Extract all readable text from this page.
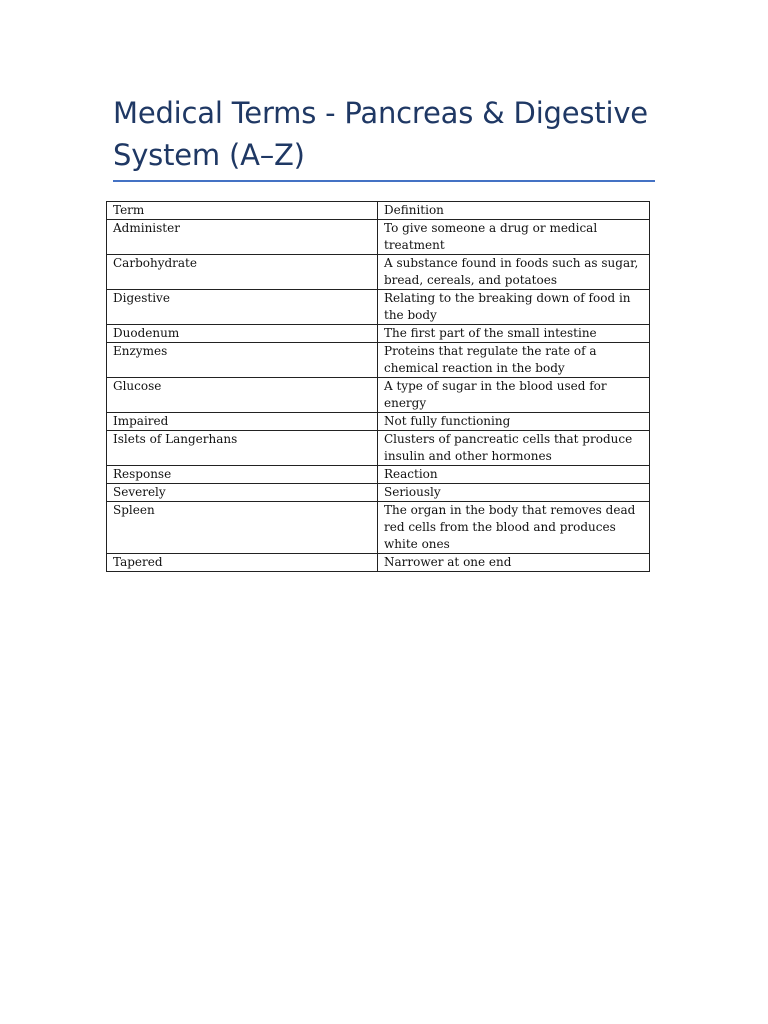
Medical Terms - Pancreas & Digestive System (A–Z)
Term	Definition
Administer	To give someone a drug or medical treatment
Carbohydrate	A substance found in foods such as sugar, bread, cereals, and potatoes
Digestive	Relating to the breaking down of food in the body
Duodenum	The first part of the small intestine
Enzymes	Proteins that regulate the rate of a chemical reaction in the body
Glucose	A type of sugar in the blood used for energy
Impaired	Not fully functioning
Islets of Langerhans	Clusters of pancreatic cells that produce insulin and other hormones
Response	Reaction
Severely	Seriously
Spleen	The organ in the body that removes dead red cells from the blood and produces white ones
Tapered	Narrower at one end
